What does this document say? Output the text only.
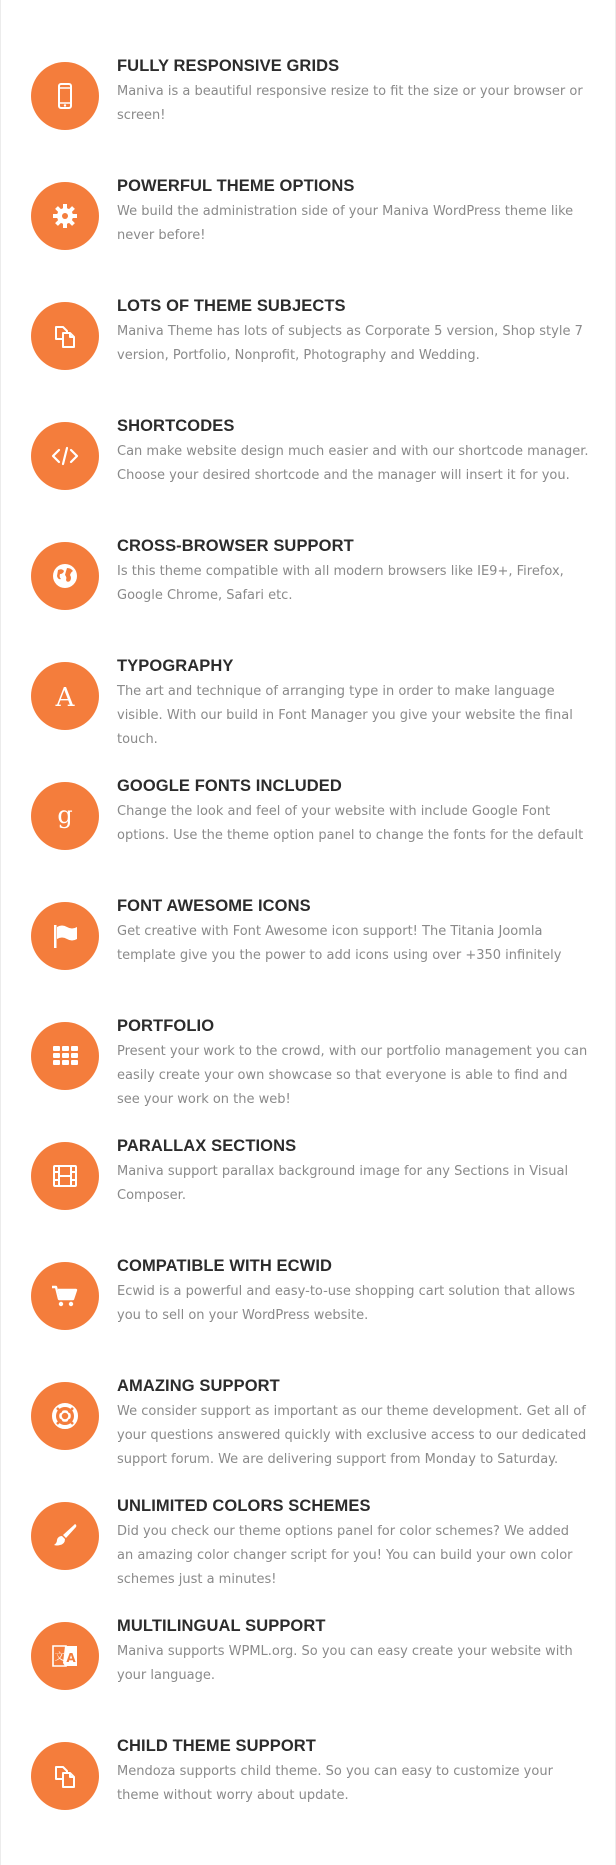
FULLY RESPONSIVE GRIDS

Maniva is a beautiful responsive resize to fit the size or your browser or screen!

POWERFUL THEME OPTIONS

We build the administration side of your Maniva WordPress theme like never before!

LOTS OF THEME SUBJECTS

Maniva Theme has lots of subjects as Corporate 5 version, Shop style 7 version, Portfolio, Nonprofit, Photography and Wedding.

SHORTCODES

Can make website design much easier and with our shortcode manager. Choose your desired shortcode and the manager will insert it for you.

CROSS-BROWSER SUPPORT

Is this theme compatible with all modern browsers like IE9+, Firefox, Google Chrome, Safari etc.

A
TYPOGRAPHY

The art and technique of arranging type in order to make language visible. With our build in Font Manager you give your website the final touch.

g
GOOGLE FONTS INCLUDED

Change the look and feel of your website with include Google Font options. Use the theme option panel to change the fonts for the default

FONT AWESOME ICONS

Get creative with Font Awesome icon support! The Titania Joomla template give you the power to add icons using over +350 infinitely

PORTFOLIO

Present your work to the crowd, with our portfolio management you can easily create your own showcase so that everyone is able to find and see your work on the web!

PARALLAX SECTIONS

Maniva support parallax background image for any Sections in Visual Composer.

COMPATIBLE WITH ECWID

Ecwid is a powerful and easy-to-use shopping cart solution that allows you to sell on your WordPress website.

AMAZING SUPPORT

We consider support as important as our theme development. Get all of your questions answered quickly with exclusive access to our dedicated support forum. We are delivering support from Monday to Saturday.

UNLIMITED COLORS SCHEMES

Did you check our theme options panel for color schemes? We added an amazing color changer script for you! You can build your own color schemes just a minutes!

文 A
MULTILINGUAL SUPPORT

Maniva supports WPML.org. So you can easy create your website with your language.

CHILD THEME SUPPORT

Mendoza supports child theme. So you can easy to customize your theme without worry about update.
